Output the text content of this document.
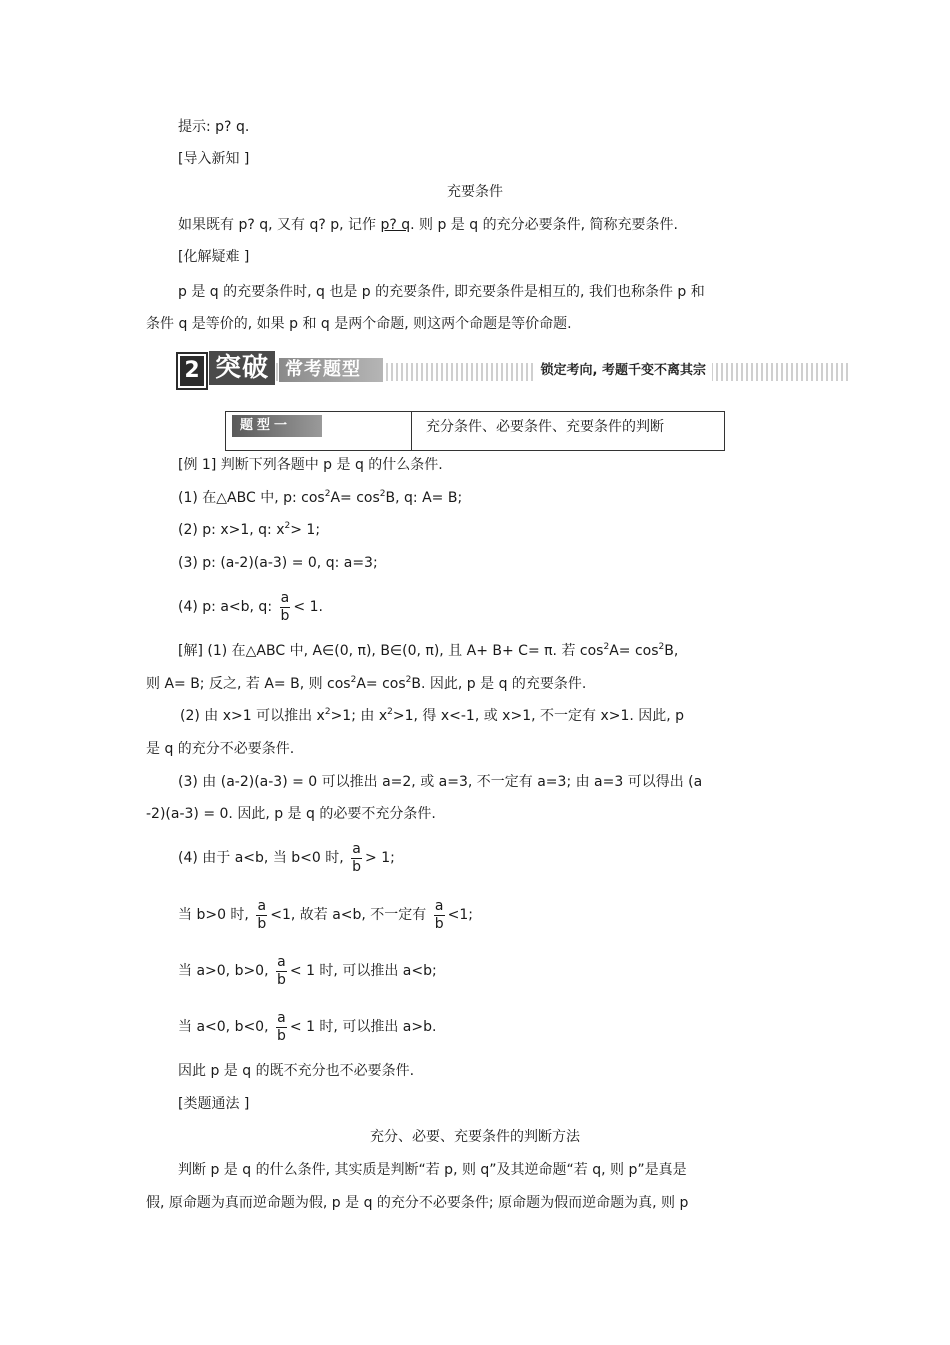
提示: p? q.
[导入新知 ]
充要条件
如果既有 p? q, 又有 q? p, 记作 p? q. 则 p 是 q 的充分必要条件, 简称充要条件.
[化解疑难 ]
p 是 q 的充要条件时, q 也是 p 的充要条件, 即充要条件是相互的, 我们也称条件 p 和
条件 q 是等价的, 如果 p 和 q 是两个命题, 则这两个命题是等价命题.
2 突破 常考题型	锁定考向, 考题千变不离其宗
题型一	充分条件、必要条件、充要条件的判断
[例 1] 判断下列各题中 p 是 q 的什么条件.
(1) 在△ABC 中, p: $\cos^2A= \cos^2B$, q: A= B;
(2) p: x>1, q: $x^2> 1$;
(3) p: (a-2)(a-3) = 0, q: a=3;
(4) p: a<b, q: $\frac{a}{b} < 1$.
[解] (1) 在△ABC 中, A∈(0, π), B∈(0, π), 且 A+ B+ C= π. 若 $\cos^2A= \cos^2B$,
则 A= B; 反之, 若 A= B, 则 $\cos^2A= \cos^2B$. 因此, p 是 q 的充要条件.
(2) 由 x>1 可以推出 $x^2>1$; 由 $x^2>1$, 得 x<-1, 或 x>1, 不一定有 x>1. 因此, p
是 q 的充分不必要条件.
(3) 由 (a-2)(a-3) = 0 可以推出 a=2, 或 a=3, 不一定有 a=3; 由 a=3 可以得出 (a
-2)(a-3) = 0. 因此, p 是 q 的必要不充分条件.
(4) 由于 a<b, 当 b<0 时, $\frac{a}{b} > 1$;
当 b>0 时, $\frac{a}{b} <1$, 故若 a<b, 不一定有 $\frac{a}{b} <1$;
当 a>0, b>0, $\frac{a}{b} < 1$ 时, 可以推出 a<b;
当 a<0, b<0, $\frac{a}{b} < 1$ 时, 可以推出 a>b.
因此 p 是 q 的既不充分也不必要条件.
[类题通法 ]
充分、必要、充要条件的判断方法
判断 p 是 q 的什么条件, 其实质是判断“若 p, 则 q”及其逆命题“若 q, 则 p”是真是
假, 原命题为真而逆命题为假, p 是 q 的充分不必要条件; 原命题为假而逆命题为真, 则 p
